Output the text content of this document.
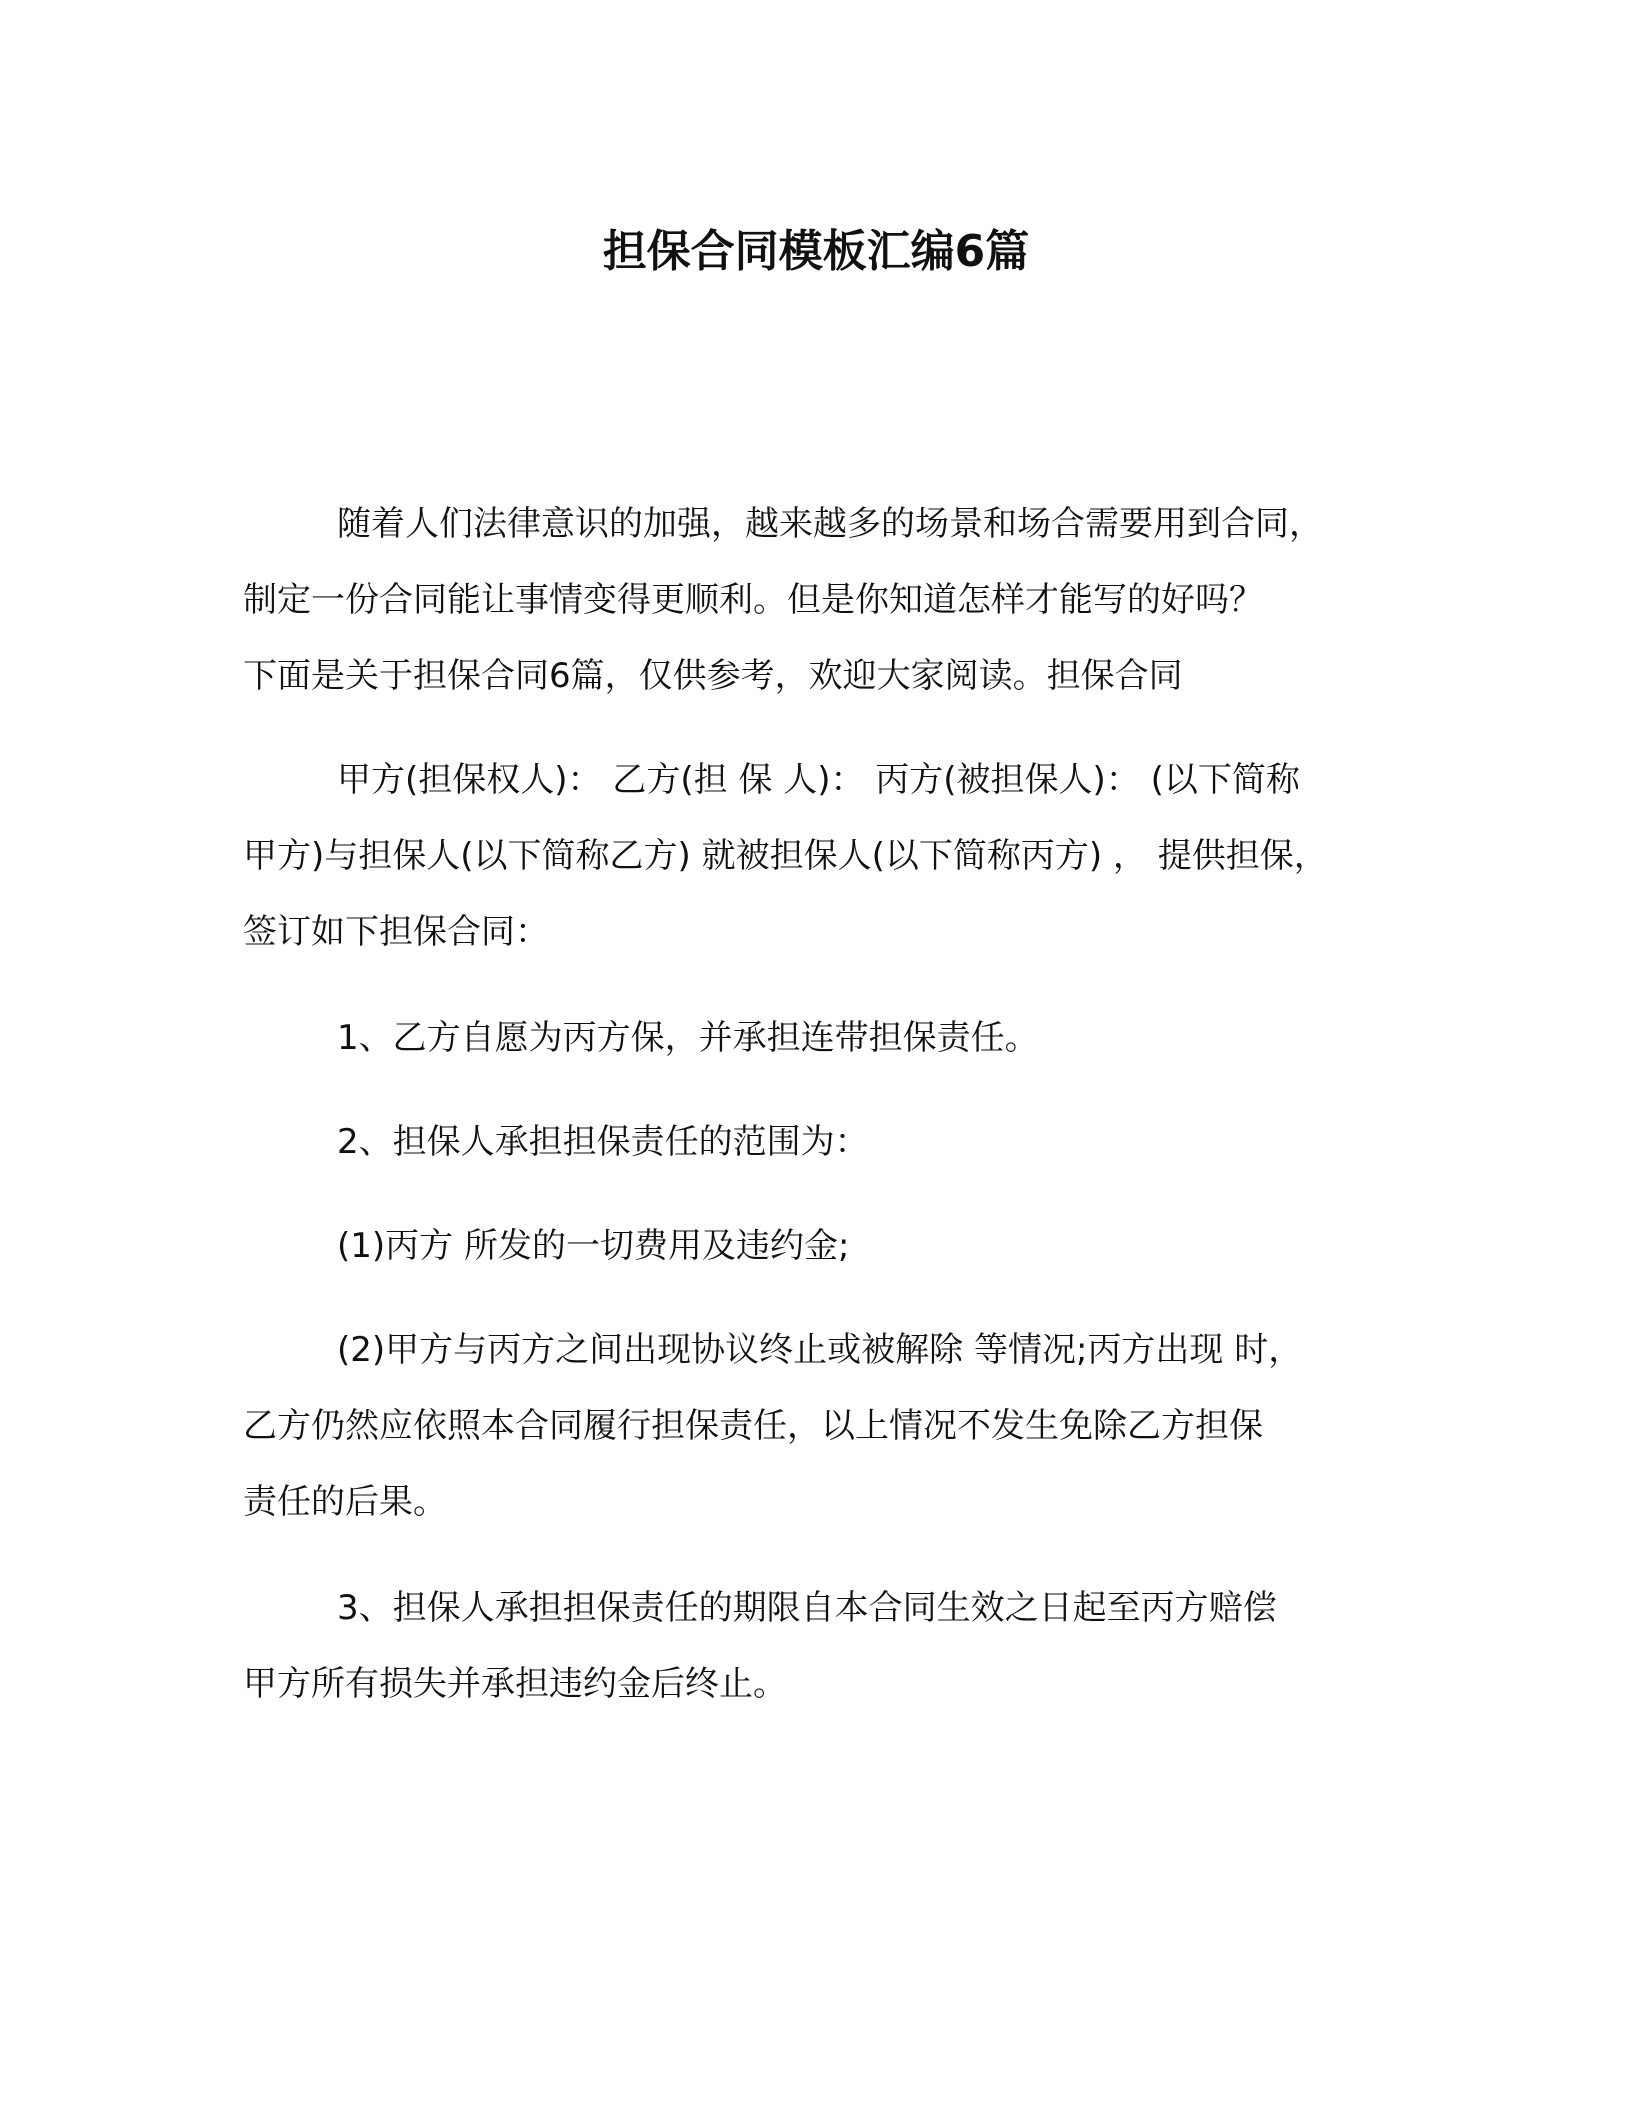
担保合同模板汇编6篇
随着人们法律意识的加强，越来越多的场景和场合需要用到合同，
制定一份合同能让事情变得更顺利。但是你知道怎样才能写的好吗？
下面是关于担保合同6篇，仅供参考，欢迎大家阅读。担保合同
甲方(担保权人)： 乙方(担 保 人)： 丙方(被担保人)： (以下简称
甲方)与担保人(以下简称乙方) 就被担保人(以下简称丙方) ， 提供担保，
签订如下担保合同：
1、乙方自愿为丙方保，并承担连带担保责任。
2、担保人承担担保责任的范围为：
(1)丙方 所发的一切费用及违约金;
(2)甲方与丙方之间出现协议终止或被解除 等情况;丙方出现 时，
乙方仍然应依照本合同履行担保责任，以上情况不发生免除乙方担保
责任的后果。
3、担保人承担担保责任的期限自本合同生效之日起至丙方赔偿
甲方所有损失并承担违约金后终止。
